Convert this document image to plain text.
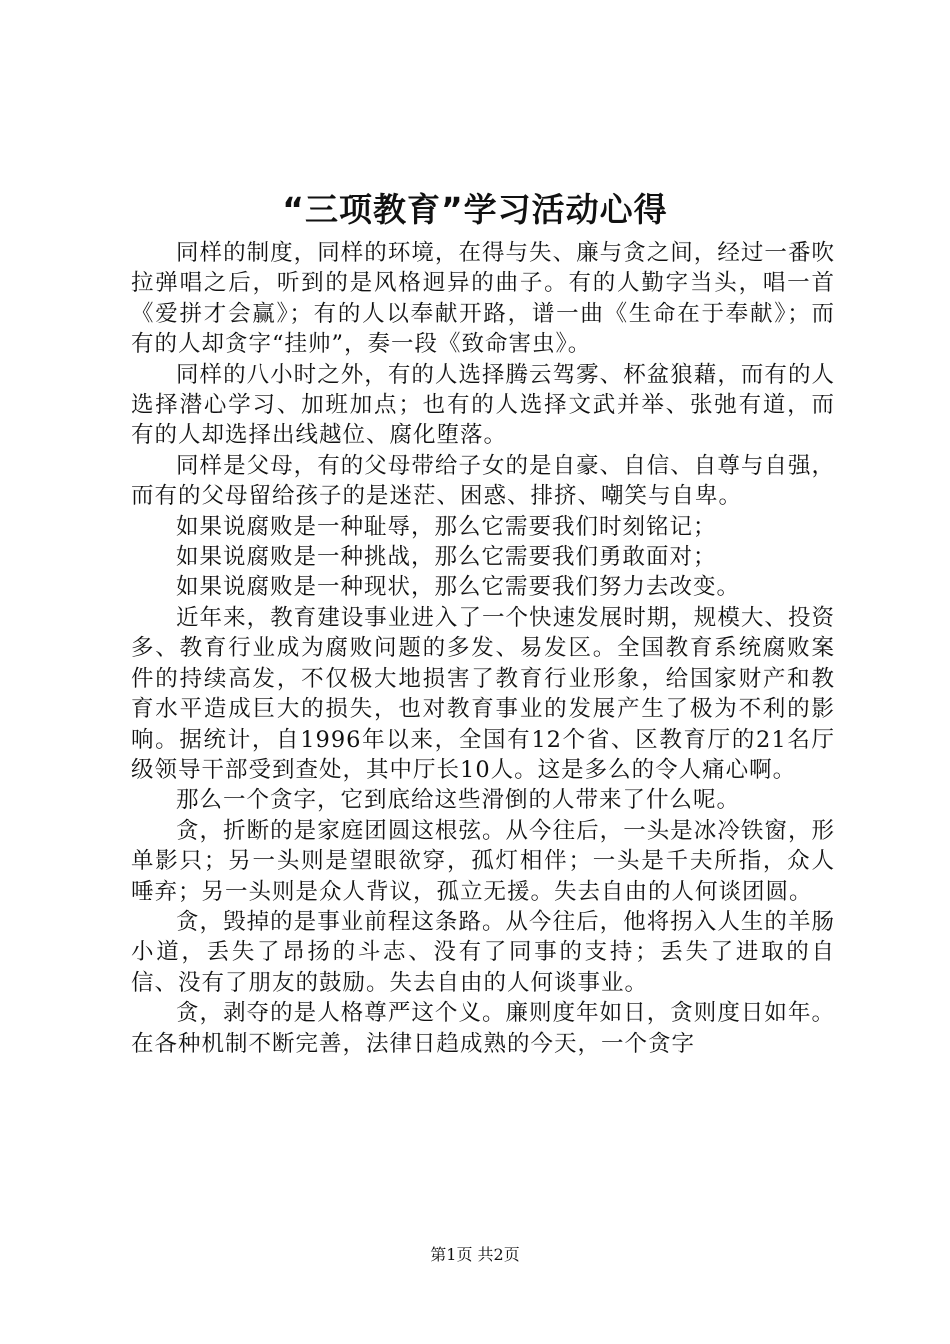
“三项教育”学习活动心得

同样的制度，同样的环境，在得与失、廉与贪之间，经过一番吹拉弹唱之后，听到的是风格迥异的曲子。有的人勤字当头，唱一首《爱拼才会赢》；有的人以奉献开路，谱一曲《生命在于奉献》；而有的人却贪字“挂帅”，奏一段《致命害虫》。

同样的八小时之外，有的人选择腾云驾雾、杯盆狼藉，而有的人选择潜心学习、加班加点；也有的人选择文武并举、张弛有道，而有的人却选择出线越位、腐化堕落。

同样是父母，有的父母带给子女的是自豪、自信、自尊与自强，而有的父母留给孩子的是迷茫、困惑、排挤、嘲笑与自卑。

如果说腐败是一种耻辱，那么它需要我们时刻铭记；

如果说腐败是一种挑战，那么它需要我们勇敢面对；

如果说腐败是一种现状，那么它需要我们努力去改变。

近年来，教育建设事业进入了一个快速发展时期，规模大、投资多、教育行业成为腐败问题的多发、易发区。全国教育系统腐败案件的持续高发，不仅极大地损害了教育行业形象，给国家财产和教育水平造成巨大的损失，也对教育事业的发展产生了极为不利的影响。据统计，自1996年以来，全国有12个省、区教育厅的21名厅级领导干部受到查处，其中厅长10人。这是多么的令人痛心啊。

那么一个贪字，它到底给这些滑倒的人带来了什么呢。

贪，折断的是家庭团圆这根弦。从今往后，一头是冰冷铁窗，形单影只；另一头则是望眼欲穿，孤灯相伴；一头是千夫所指，众人唾弃；另一头则是众人背议，孤立无援。失去自由的人何谈团圆。

贪，毁掉的是事业前程这条路。从今往后，他将拐入人生的羊肠小道，丢失了昂扬的斗志、没有了同事的支持；丢失了进取的自信、没有了朋友的鼓励。失去自由的人何谈事业。

贪，剥夺的是人格尊严这个义。廉则度年如日，贪则度日如年。在各种机制不断完善，法律日趋成熟的今天，一个贪字

第1页 共2页
